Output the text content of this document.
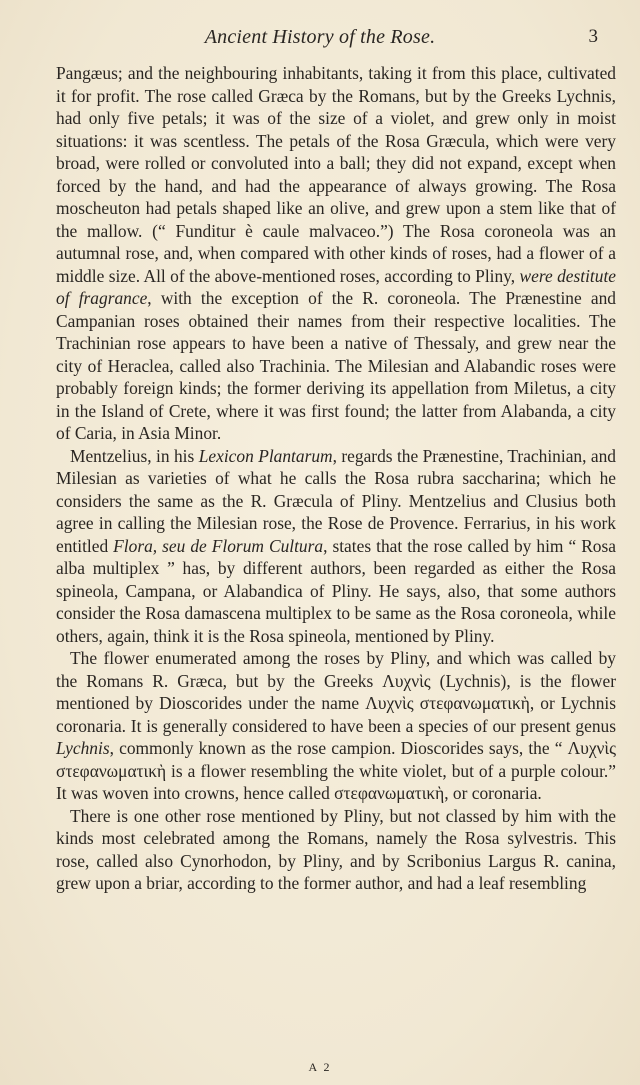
Ancient History of the Rose.	3

Pangæus; and the neighbouring inhabitants, taking it from this place, cultivated it for profit. The rose called Græca by the Romans, but by the Greeks Lychnis, had only five petals; it was of the size of a violet, and grew only in moist situations: it was scentless. The petals of the Rosa Græcula, which were very broad, were rolled or convoluted into a ball; they did not expand, except when forced by the hand, and had the appearance of always growing. The Rosa moscheuton had petals shaped like an olive, and grew upon a stem like that of the mallow. (“ Funditur è caule malvaceo.”) The Rosa coroneola was an autumnal rose, and, when compared with other kinds of roses, had a flower of a middle size. All of the above-mentioned roses, according to Pliny, were destitute of fragrance, with the exception of the R. coroneola. The Prænestine and Campanian roses obtained their names from their respective localities. The Trachinian rose appears to have been a native of Thessaly, and grew near the city of Heraclea, called also Trachinia. The Milesian and Alabandic roses were probably foreign kinds; the former deriving its appellation from Miletus, a city in the Island of Crete, where it was first found; the latter from Alabanda, a city of Caria, in Asia Minor.

Mentzelius, in his Lexicon Plantarum, regards the Prænestine, Trachinian, and Milesian as varieties of what he calls the Rosa rubra saccharina; which he considers the same as the R. Græcula of Pliny. Mentzelius and Clusius both agree in calling the Milesian rose, the Rose de Provence. Ferrarius, in his work entitled Flora, seu de Florum Cultura, states that the rose called by him “ Rosa alba multiplex ” has, by different authors, been regarded as either the Rosa spineola, Campana, or Alabandica of Pliny. He says, also, that some authors consider the Rosa damascena multiplex to be same as the Rosa coroneola, while others, again, think it is the Rosa spineola, mentioned by Pliny.

The flower enumerated among the roses by Pliny, and which was called by the Romans R. Græca, but by the Greeks Λυχνὶς (Lychnis), is the flower mentioned by Dioscorides under the name Λυχνὶς στεφανωματικὴ, or Lychnis coronaria. It is generally considered to have been a species of our present genus Lychnis, commonly known as the rose campion. Dioscorides says, the “ Λυχνὶς στεφανωματικὴ is a flower resembling the white violet, but of a purple colour.” It was woven into crowns, hence called στεφανωματικὴ, or coronaria.

There is one other rose mentioned by Pliny, but not classed by him with the kinds most celebrated among the Romans, namely the Rosa sylvestris. This rose, called also Cynorhodon, by Pliny, and by Scribonius Largus R. canina, grew upon a briar, according to the former author, and had a leaf resembling

A 2
